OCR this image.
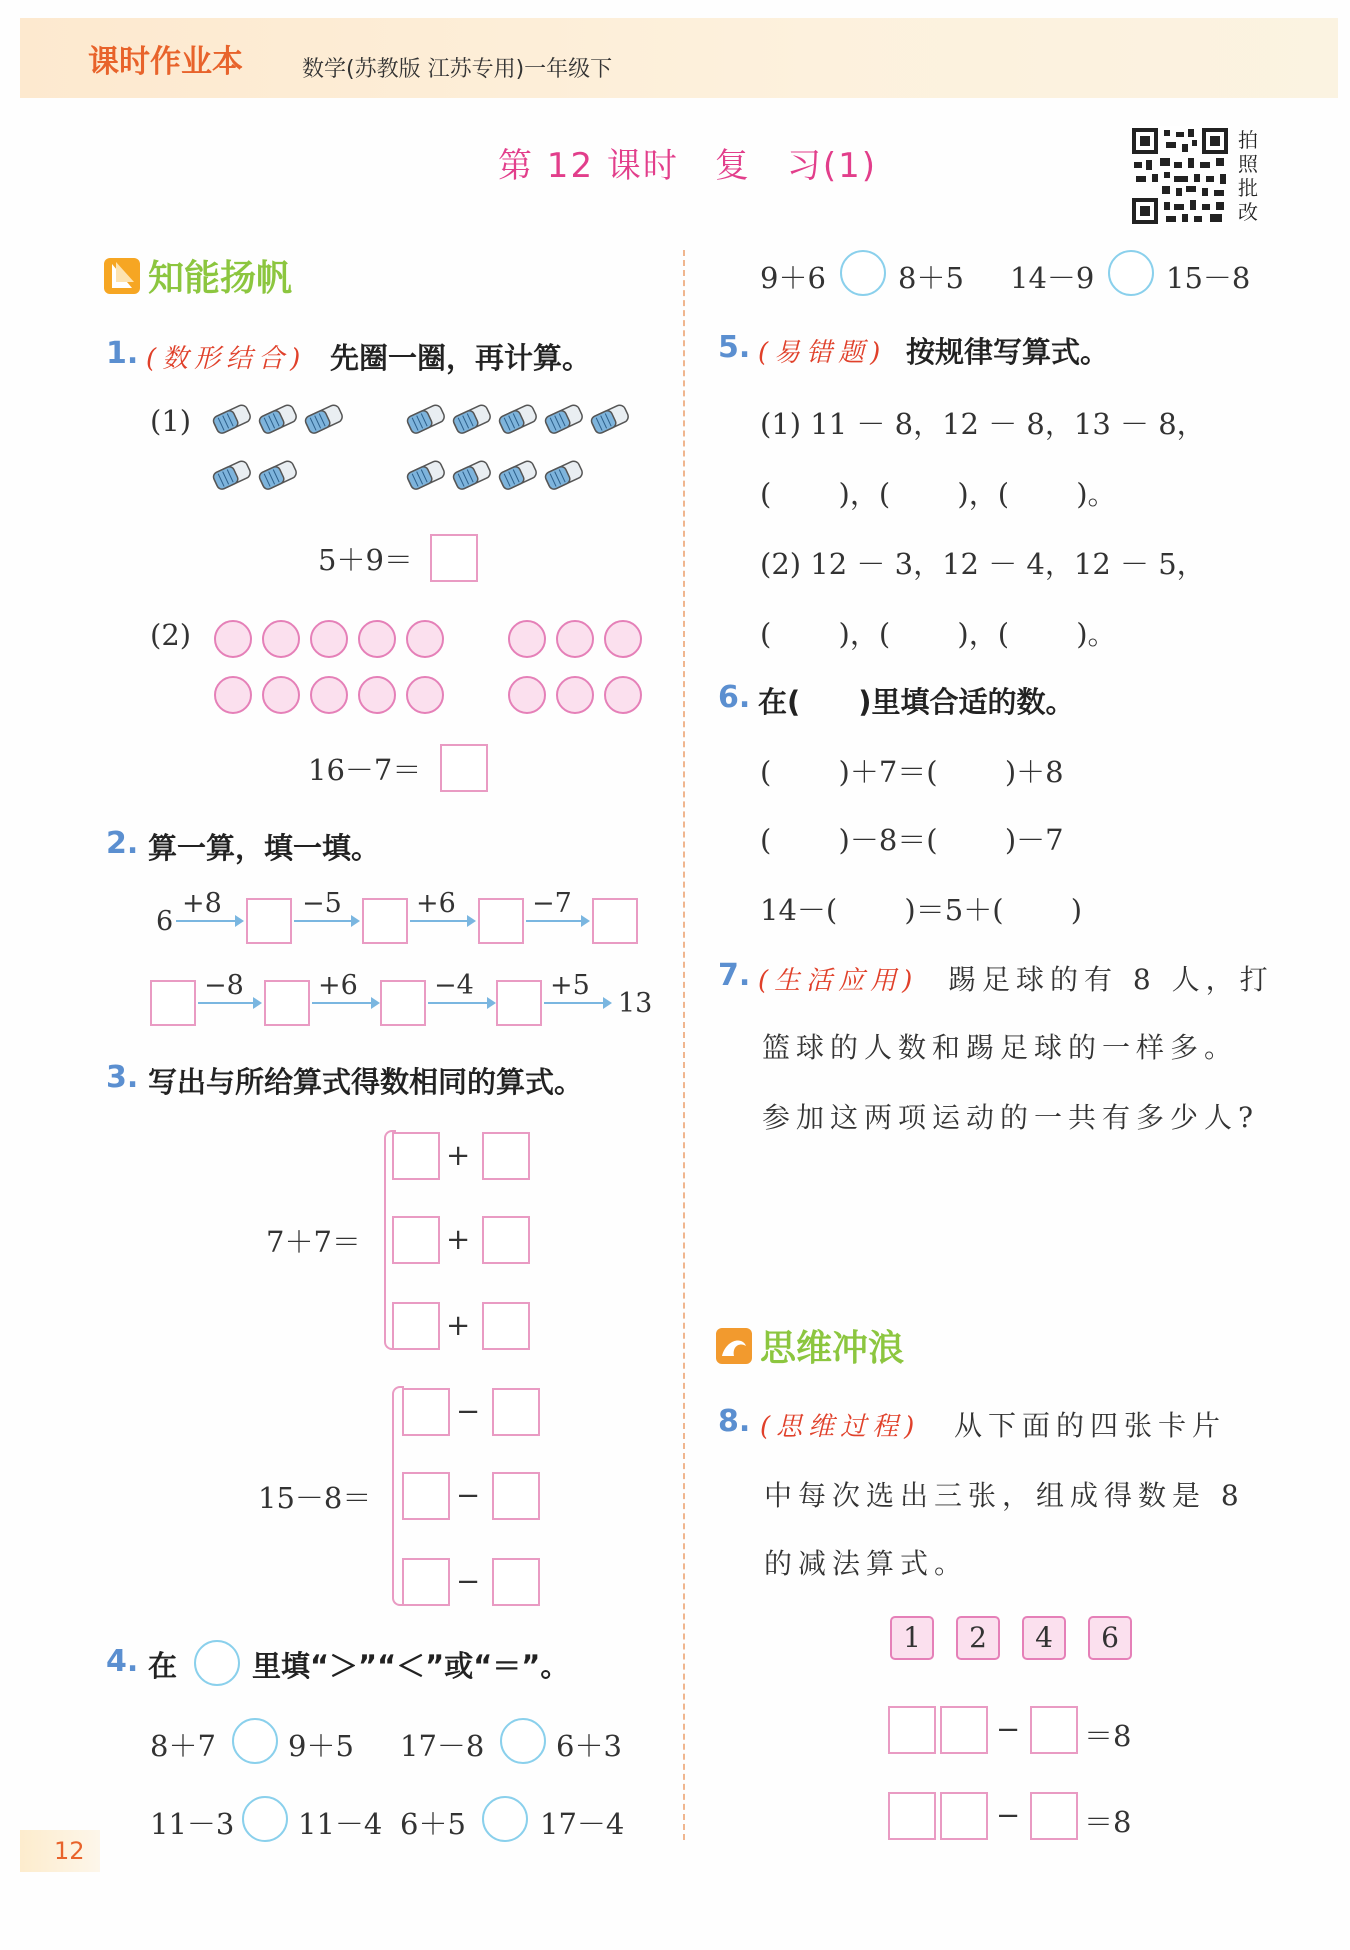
课时作业本	数学(苏教版 江苏专用)一年级下
第 12 课时　复　习(1)
拍
照
批
改
知能扬帆
1. (数形结合) 先圈一圈，再计算。
(1)
5＋9＝
(2)
16－7＝
2. 算一算，填一填。
6
+8	−5	+6	−7
−8	+6	−4	+5
13
3. 写出与所给算式得数相同的算式。
7＋7＝
+
+
+
15－8＝
−
−
−
4. 在	里填“＞”“＜”或“＝”。
8＋7 9＋5 17－8 6＋3
11－3 11－4 6＋5	17－4
9＋6 8＋5 14－9 15－8
5. (易错题) 按规律写算式。
(1) 11 － 8，12 － 8，13 － 8，
(　　 )，(　　 )，(　　 )。
(2) 12 － 3，12 － 4，12 － 5，
(　　 )，(　　 )，(　　 )。
6. 在(　　)里填合适的数。
(　　 )＋7＝(　　 )＋8
(　　 )－8＝(　　 )－7
14－(　　 )＝5＋(　　 )
7. (生活应用) 踢足球的有 8 人，打
篮球的人数和踢足球的一样多。
参加这两项运动的一共有多少人?
思维冲浪
8. (思维过程) 从下面的四张卡片
中每次选出三张，组成得数是 8
的减法算式。
1	2	4	6
− ＝8
− ＝8
12
